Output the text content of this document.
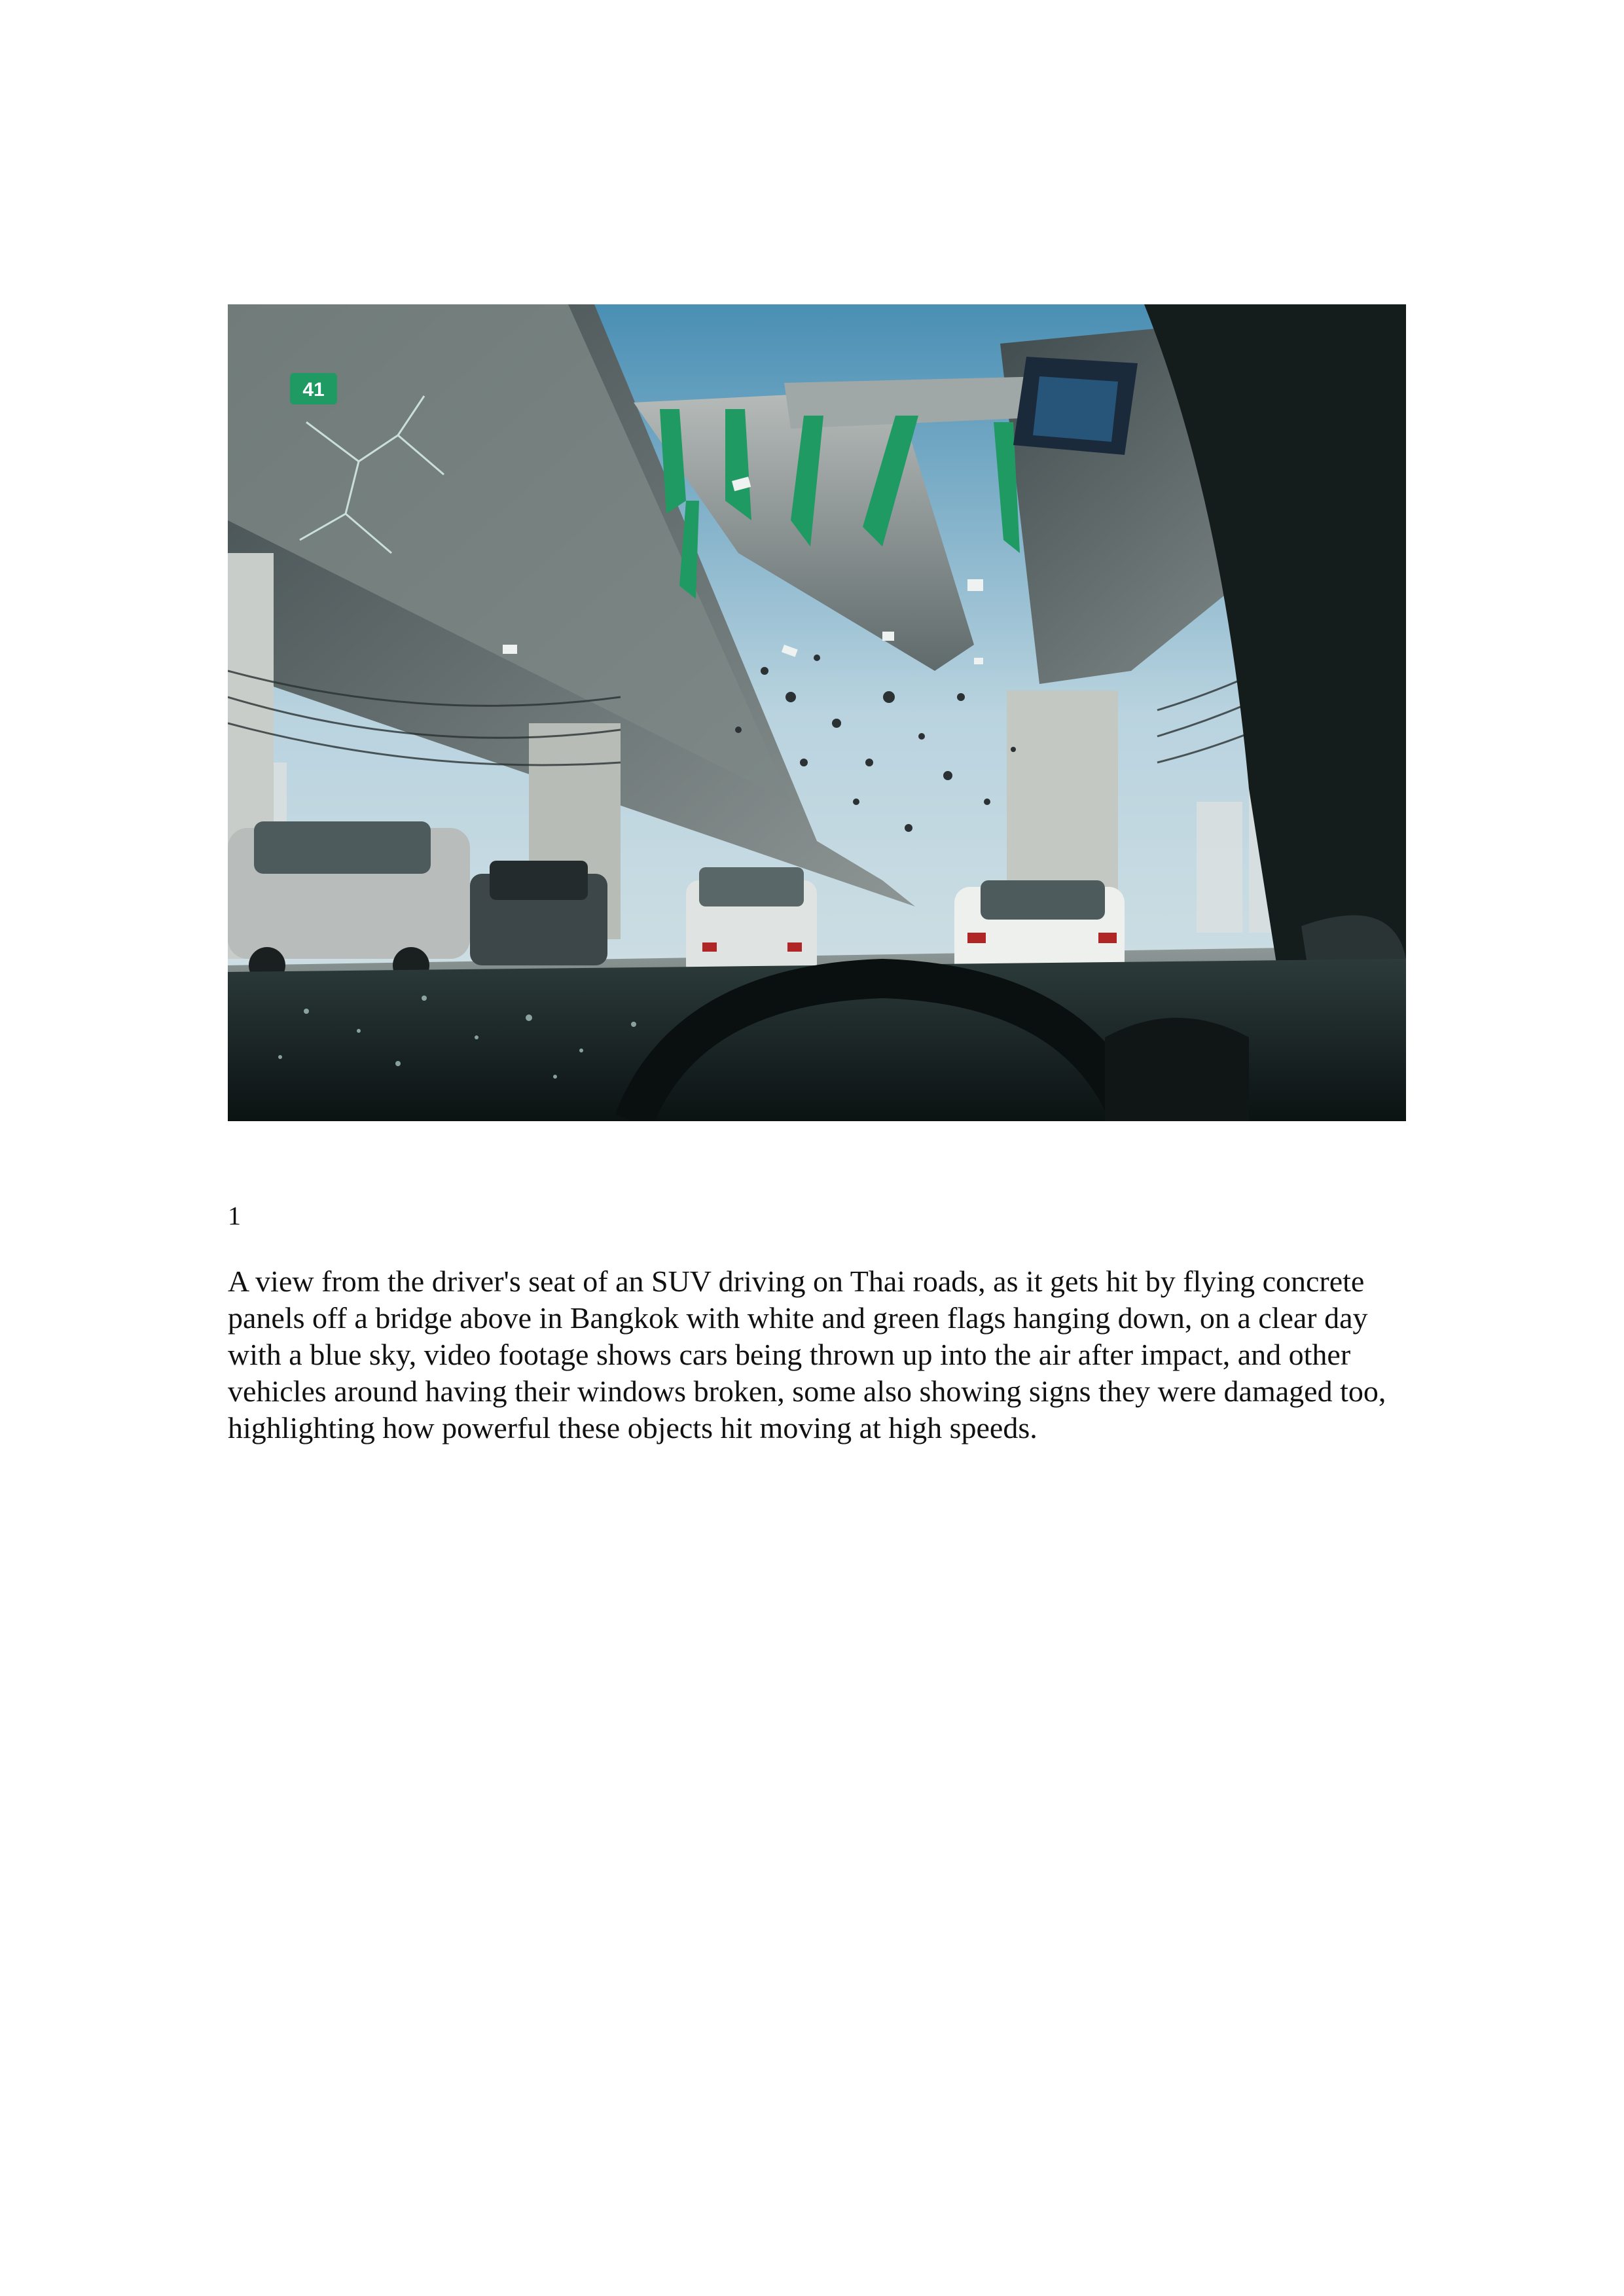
41
1

A view from the driver's seat of an SUV driving on Thai roads, as it gets hit by flying concrete panels off a bridge above in Bangkok with white and green flags hanging down, on a clear day with a blue sky, video footage shows cars being thrown up into the air after impact, and other vehicles around having their windows broken, some also showing signs they were damaged too, highlighting how powerful these objects hit moving at high speeds.
